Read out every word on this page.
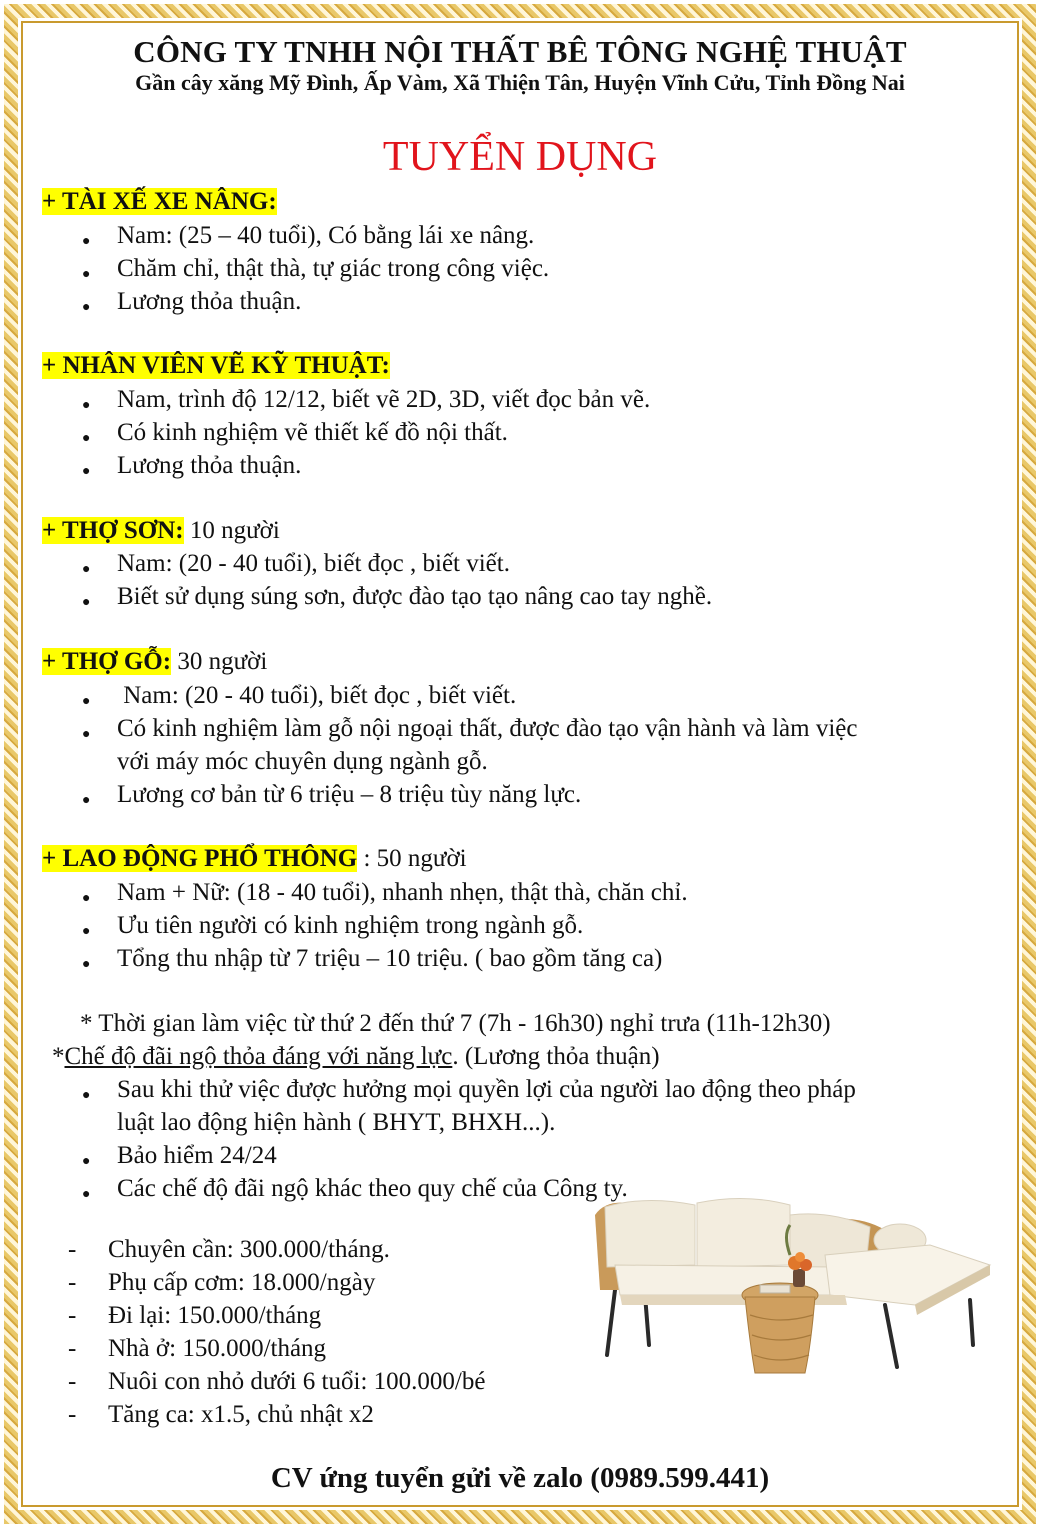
CÔNG TY TNHH NỘI THẤT BÊ TÔNG NGHỆ THUẬT
Gần cây xăng Mỹ Đình, Ấp Vàm, Xã Thiện Tân, Huyện Vĩnh Cửu, Tỉnh Đồng Nai
TUYỂN DỤNG
+ TÀI XẾ XE NÂNG:
● Nam: (25 – 40 tuổi), Có bằng lái xe nâng.
● Chăm chỉ, thật thà, tự giác trong công việc.
● Lương thỏa thuận.
+ NHÂN VIÊN VẼ KỸ THUẬT:
● Nam, trình độ 12/12, biết vẽ 2D, 3D, viết đọc bản vẽ.
● Có kinh nghiệm vẽ thiết kế đồ nội thất.
● Lương thỏa thuận.
+ THỢ SƠN: 10 người
● Nam: (20 - 40 tuổi), biết đọc , biết viết.
● Biết sử dụng súng sơn, được đào tạo tạo nâng cao tay nghề.
+ THỢ GỖ: 30 người
● Nam: (20 - 40 tuổi), biết đọc , biết viết.
● Có kinh nghiệm làm gỗ nội ngoại thất, được đào tạo vận hành và làm việc
với máy móc chuyên dụng ngành gỗ.
● Lương cơ bản từ 6 triệu – 8 triệu tùy năng lực.
+ LAO ĐỘNG PHỔ THÔNG : 50 người
● Nam + Nữ: (18 - 40 tuổi), nhanh nhẹn, thật thà, chăn chỉ.
● Ưu tiên người có kinh nghiệm trong ngành gỗ.
● Tổng thu nhập từ 7 triệu – 10 triệu. ( bao gồm tăng ca)
* Thời gian làm việc từ thứ 2 đến thứ 7 (7h - 16h30) nghỉ trưa (11h-12h30)
*Chế độ đãi ngộ thỏa đáng với năng lực. (Lương thỏa thuận)
● Sau khi thử việc được hưởng mọi quyền lợi của người lao động theo pháp
luật lao động hiện hành ( BHYT, BHXH...).
● Bảo hiểm 24/24
● Các chế độ đãi ngộ khác theo quy chế của Công ty.
- Chuyên cần: 300.000/tháng.
- Phụ cấp cơm: 18.000/ngày
- Đi lại: 150.000/tháng
- Nhà ở: 150.000/tháng
- Nuôi con nhỏ dưới 6 tuổi: 100.000/bé
- Tăng ca: x1.5, chủ nhật x2
CV ứng tuyển gửi về zalo (0989.599.441)
